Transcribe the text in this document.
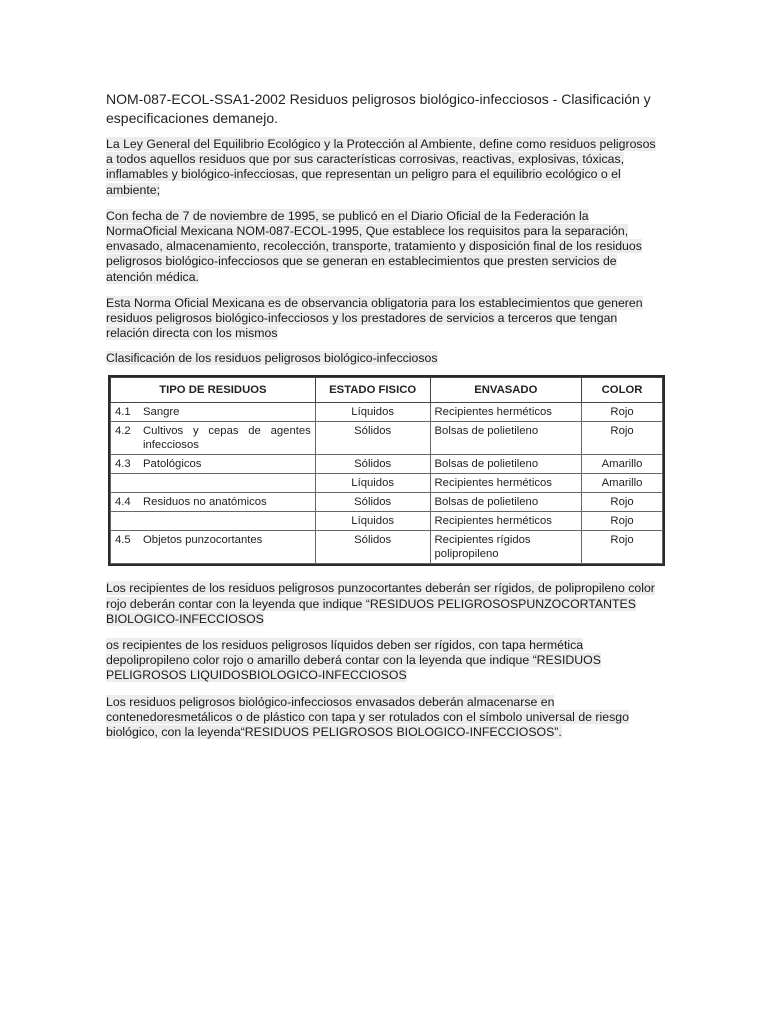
NOM-087-ECOL-SSA1-2002 Residuos peligrosos biológico-infecciosos - Clasificación y especificaciones demanejo.

La Ley General del Equilibrio Ecológico y la Protección al Ambiente, define como residuos peligrosos a todos aquellos residuos que por sus características corrosivas, reactivas, explosivas, tóxicas, inflamables y biológico-infecciosas, que representan un peligro para el equilibrio ecológico o el ambiente;

Con fecha de 7 de noviembre de 1995, se publicó en el Diario Oficial de la Federación la NormaOficial Mexicana NOM-087-ECOL-1995, Que establece los requisitos para la separación, envasado, almacenamiento, recolección, transporte, tratamiento y disposición final de los residuos peligrosos biológico-infecciosos que se generan en establecimientos que presten servicios de atención médica.

Esta Norma Oficial Mexicana es de observancia obligatoria para los establecimientos que generen residuos peligrosos biológico-infecciosos y los prestadores de servicios a terceros que tengan relación directa con los mismos

Clasificación de los residuos peligrosos biológico-infecciosos

TIPO DE RESIDUOS	ESTADO FISICO	ENVASADO	COLOR

4.1 Sangre	Líquidos	Recipientes herméticos	Rojo

4.2 Cultivos y cepas de agentes infecciosos	Sólidos	Bolsas de polietileno	Rojo

4.3 Patológicos	Sólidos	Bolsas de polietileno	Amarillo

	Líquidos	Recipientes herméticos	Amarillo

4.4 Residuos no anatómicos	Sólidos	Bolsas de polietileno	Rojo

	Líquidos	Recipientes herméticos	Rojo

4.5 Objetos punzocortantes	Sólidos	Recipientes rígidos polipropileno	Rojo

Los recipientes de los residuos peligrosos punzocortantes deberán ser rígidos, de polipropileno color rojo deberán contar con la leyenda que indique “RESIDUOS PELIGROSOSPUNZOCORTANTES BIOLOGICO-INFECCIOSOS

os recipientes de los residuos peligrosos líquidos deben ser rígidos, con tapa hermética depolipropileno color rojo o amarillo deberá contar con la leyenda que indique “RESIDUOS PELIGROSOS LIQUIDOSBIOLOGICO-INFECCIOSOS

Los residuos peligrosos biológico-infecciosos envasados deberán almacenarse en contenedoresmetálicos o de plástico con tapa y ser rotulados con el símbolo universal de riesgo biológico, con la leyenda“RESIDUOS PELIGROSOS BIOLOGICO-INFECCIOSOS”.
